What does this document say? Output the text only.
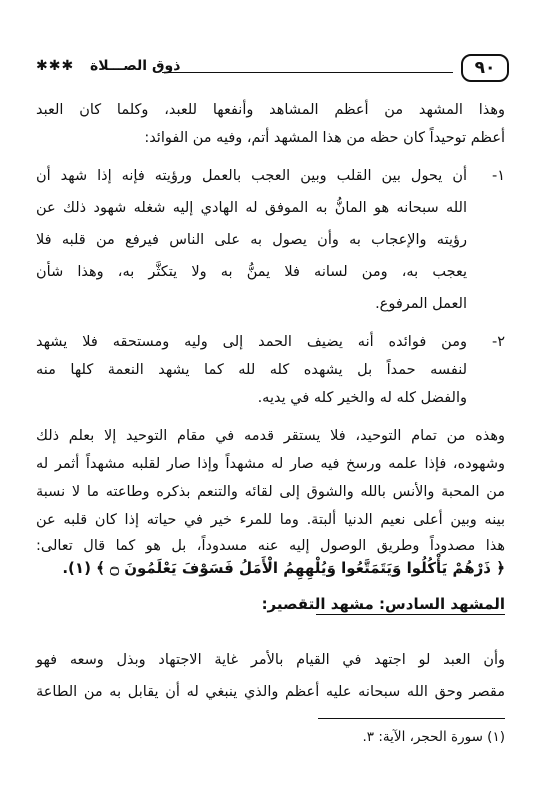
٩٠
ذوق الصـــلاة
✱✱✱
وهذا المشهد من أعظم المشاهد وأنفعها للعبد، وكلما كان العبد
أعظم توحيداً كان حظه من هذا المشهد أتم، وفيه من الفوائد:
١-
أن يحول بين القلب وبين العجب بالعمل ورؤيته فإنه إذا شهد أن
الله سبحانه هو المانُّ به الموفق له الهادي إليه شغله شهود ذلك عن
رؤيته والإعجاب به وأن يصول به على الناس فيرفع من قلبه فلا
يعجب به، ومن لسانه فلا يمنُّ به ولا يتكثَّر به، وهذا شأن
العمل المرفوع.
٢-
ومن فوائده أنه يضيف الحمد إلى وليه ومستحقه فلا يشهد
لنفسه حمداً بل يشهده كله لله كما يشهد النعمة كلها منه
والفضل كله له والخير كله في يديه.
وهذه من تمام التوحيد، فلا يستقر قدمه في مقام التوحيد إلا بعلم ذلك
وشهوده، فإذا علمه ورسخ فيه صار له مشهداً وإذا صار لقلبه مشهداً أثمر له
من المحبة والأنس بالله والشوق إلى لقائه والتنعم بذكره وطاعته ما لا نسبة
بينه وبين أعلى نعيم الدنيا ألبتة. وما للمرء خير في حياته إذا كان قلبه عن
هذا مصدوداً وطريق الوصول إليه عنه مسدوداً، بل هو كما قال تعالى:
﴿ ذَرْهُمْ يَأْكُلُوا وَيَتَمَتَّعُوا وَيُلْهِهِمُ الْأَمَلُ فَسَوْفَ يَعْلَمُونَ ۝ ﴾ (١).
المشهد السادس: مشهد التقصير:
وأن العبد لو اجتهد في القيام بالأمر غاية الاجتهاد وبذل وسعه فهو
مقصر وحق الله سبحانه عليه أعظم والذي ينبغي له أن يقابل به من الطاعة
(١) سورة الحجر، الآية: ٣.
